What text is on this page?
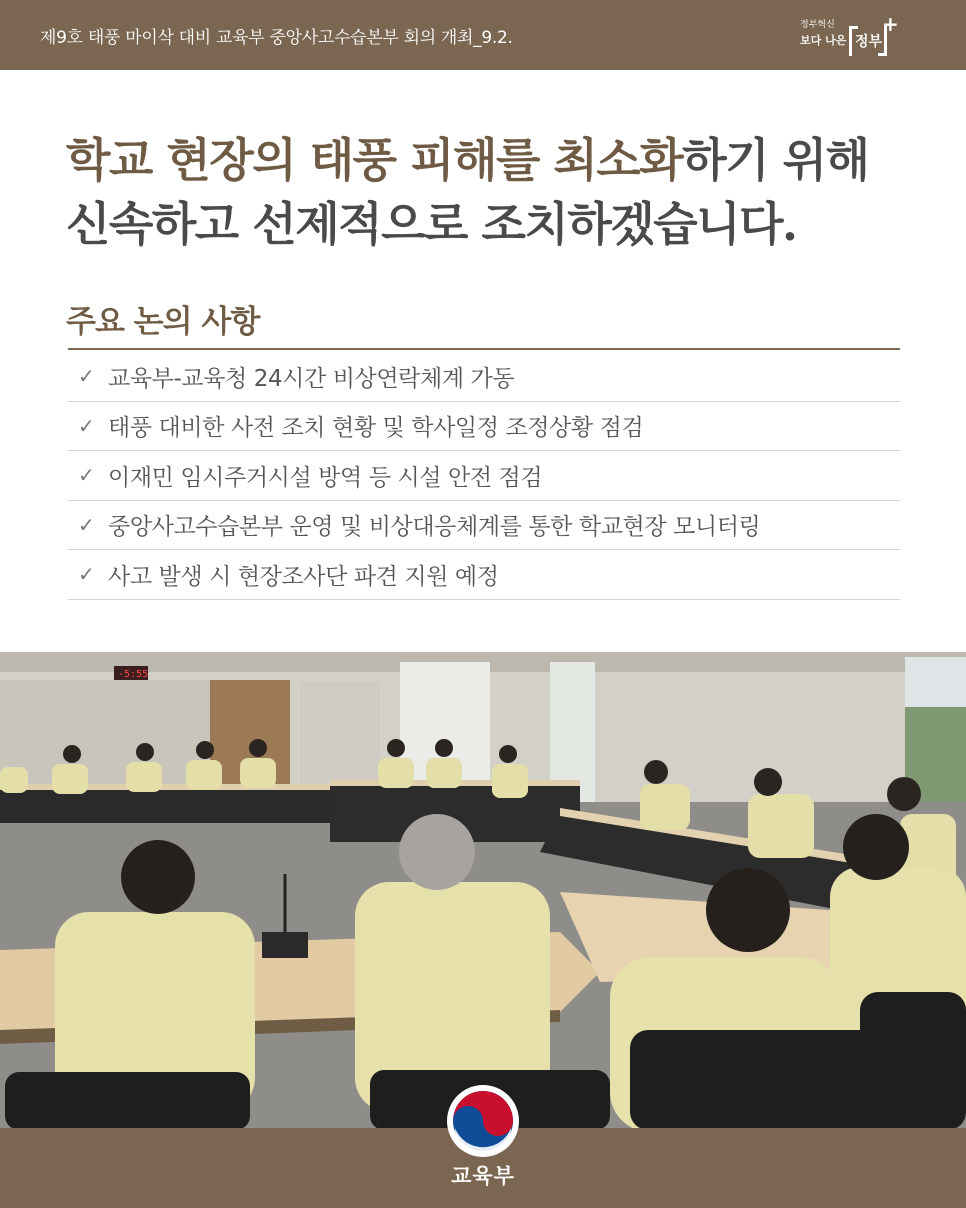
제9호 태풍 마이삭 대비 교육부 중앙사고수습본부 회의 개최_9.2.
정부혁신
보다 나은 정부
+
학교 현장의 태풍 피해를 최소화하기 위해
신속하고 선제적으로 조치하겠습니다.
주요 논의 사항
✓ 교육부-교육청 24시간 비상연락체계 가동
✓ 태풍 대비한 사전 조치 현황 및 학사일정 조정상황 점검
✓ 이재민 임시주거시설 방역 등 시설 안전 점검
✓ 중앙사고수습본부 운영 및 비상대응체계를 통한 학교현장 모니터링
✓ 사고 발생 시 현장조사단 파견 지원 예정
-5:55
교육부
